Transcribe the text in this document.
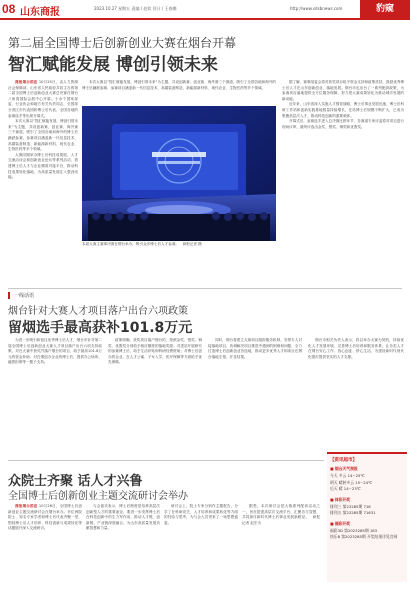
08 山东商报	2023.10.27 星期五 责编 / 赵钦 设计 / 王春娜	http://www.sdsbnews.com	豹窥
第二届全国博士后创新创业大赛在烟台开幕
智汇赋能发展 博创引领未来

商报烟台消息 10月25日，由人力资源社会保障部、山东省人民政府共同主办的第二届全国博士后创新创业大赛总决赛在烟台八角湾国际会展中心开幕。十余个国家部委、行业协会和地方有关负责同志，全国部分省区市代表团和博士后代表，全国各地的参赛选手等出席开幕式。

本次大赛以“智汇赋能发展、博创引领未来”为主题，共设创新赛、创业赛、海外赛三个赛道，吸引了全国各地和海外的博士后踊跃参赛，参赛项目涵盖新一代信息技术、高端装备制造、新能源新材料、现代农业、生物医药等多个领域。

大赛同期举办博士后科技成果展、人才交流洽谈会和创新创业论坛等系列活动，搭建博士后人才与企业精准对接平台，推动科技成果转化落地，为高质量发展注入强劲动能。

本次大赛以“智汇赋能发展、博创引领未来”为主题，共设创新赛、创业赛、海外赛三个赛道，吸引了全国各地和海外的博士后踊跃参赛，参赛项目涵盖新一代信息技术、高端装备制造、新能源新材料、现代农业、生物医药等多个领域。

据了解，赛事组委会将对获奖项目给予资金支持和政策扶持，鼓励优秀博士后人才在山东创新创业、落地发展。烟台市也出台了一系列配套政策，为参赛项目落地提供全方位服务保障，努力把大赛成果转化为推动城市发展的新动能。

近年来，山东省深入实施人才强省战略，博士后事业发展迅速，博士后科研工作站和创新实践基地数量持续增长，在站博士后规模不断扩大，已成为集聚高层次人才、推动科技创新的重要载体。

开幕式后，参赛选手进入总决赛比拼环节，各赛道专家评委将对项目进行现场评审，最终评选出金奖、银奖、铜奖和优胜奖。

本届大赛主赛事决赛在烟台举办，吸引众多博士后人才参赛。　商报记者 摄
一线话语
烟台针对大赛人才项目落户出台六项政策
留烟选手最高获补101.8万元

为进一步吸引和留住优秀博士后人才，烟台市针对第二届全国博士后创新创业大赛人才项目落户出台六项支持政策。对在大赛中获奖并落户烟台的项目，给予最高101.8万元的资金补助；对在烟创办企业的博士后，提供办公场所、融资担保等一揽子支持。

政策明确，获奖项目落户烟台的，按照金奖、银奖、铜奖、优胜奖分别给予相应额度的落地奖励；对进站开展研究的参赛博士后，给予生活补贴和科研经费资助；对博士后创办的企业，在人才公寓、子女入学、医疗保障等方面给予优先保障。

同时，烟台将建立大赛项目跟踪服务机制，安排专人对接落地项目，协调解决项目推进中遇到的困难和问题，全力打造博士后创新创业首选地，推动更多优秀人才和项目在烟台落地生根、开花结果。

烟台市相关负责人表示，将以举办大赛为契机，持续优化人才发展环境，完善博士后培养和服务体系，让各类人才在烟台安心工作、放心创业、舒心生活，为建设新时代现代化强市提供坚实的人才支撑。

众院士齐聚 话人才兴鲁
全国博士后创新创业主题交流研讨会举办

商报烟台消息 10月26日，全国博士后创新创业主题交流研讨会在烟台举办。多位两院院士、知名专家学者和博士后代表齐聚一堂，围绕博士后人才培养、科技创新与成果转化等话题展开深入交流研讨。

与会嘉宾表示，博士后制度是培养高层次创新型人才的重要途径，要进一步发挥博士后在科技创新中的生力军作用，推动人才链、创新链、产业链深度融合，为山东高质量发展贡献智慧和力量。

研讨会上，院士专家分别作主题报告，分享了在科研攻关、人才培养和成果转化等方面的经验与思考，为与会人员带来了一场思想盛宴。

据悉，本次研讨会是大赛系列配套活动之一，旨在搭建高层次交流平台，汇聚各方智慧，共同探讨新时代博士后事业发展新路径。　商报记者 赵宏为

【资讯超市】
■ 烟台天气预报
今天 多云 14~25℃
明天 晴转多云 15~24℃
后天 晴 14~23℃
■ 体彩开奖
排列三 第23285期 716
排列五 第23285期 71631
■ 福彩开奖
福彩3D 第2023285期 183
快乐8 第2023285期 开奖结果详见官网
